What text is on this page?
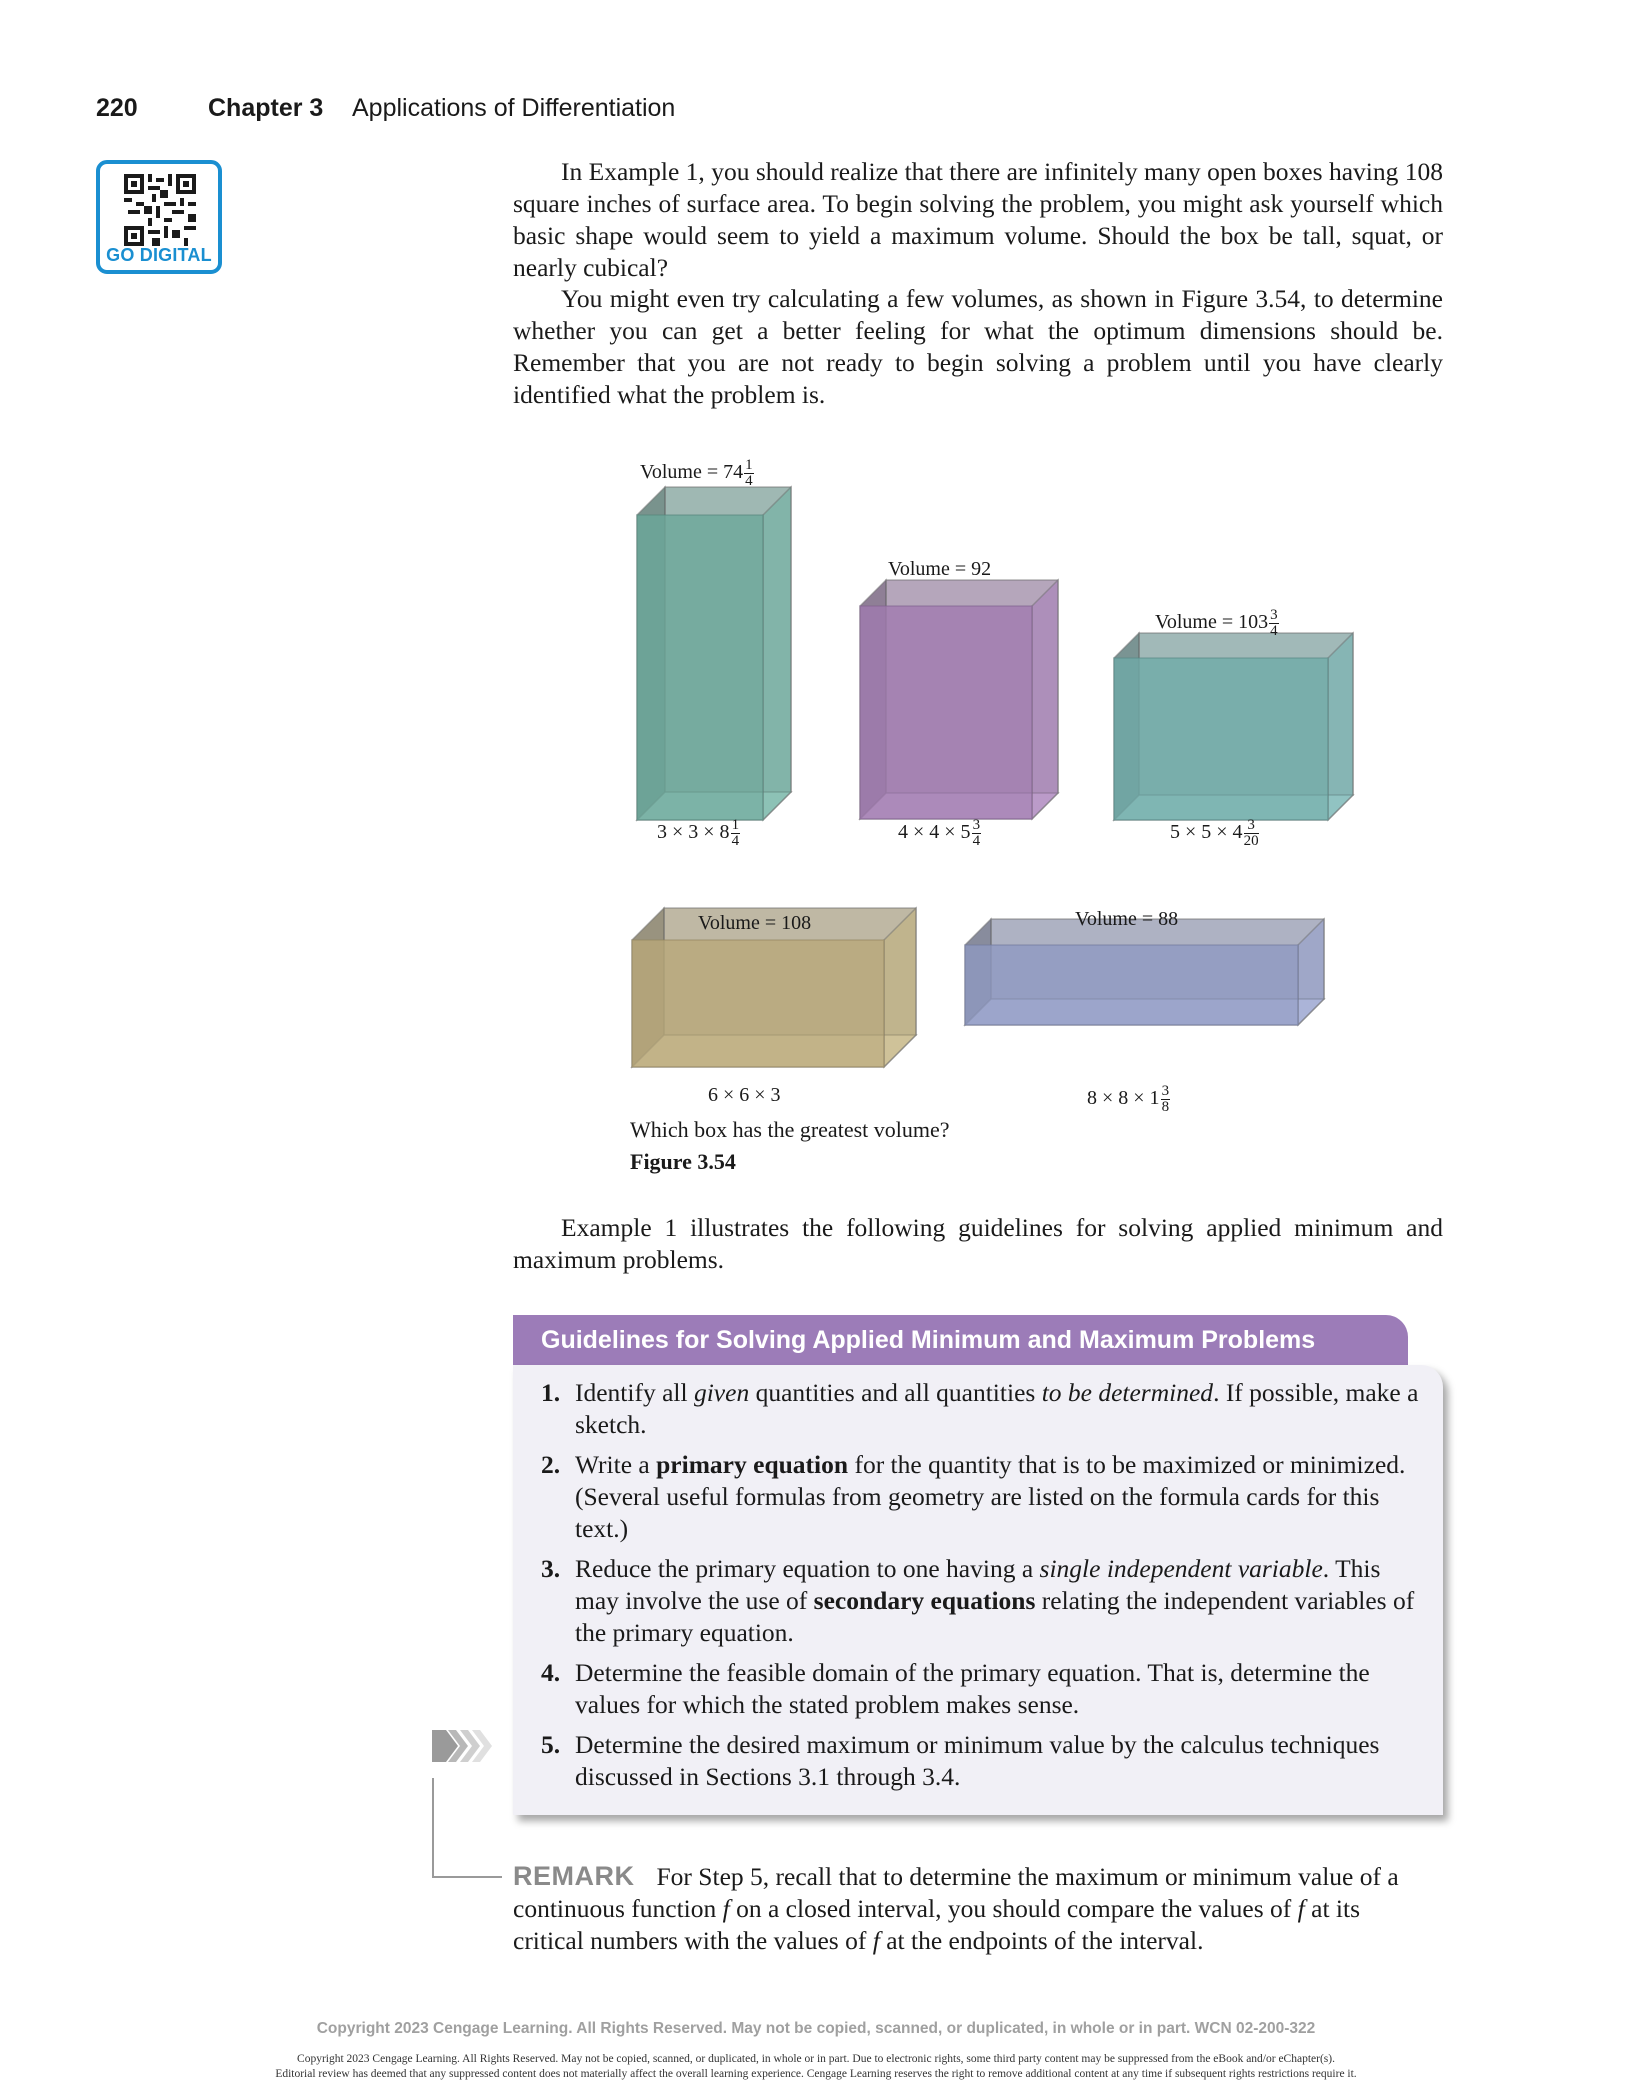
220	Chapter 3 Applications of Differentiation
GO DIGITAL
In Example 1, you should realize that there are infinitely many open boxes having 108 square inches of surface area. To begin solving the problem, you might ask yourself which basic shape would seem to yield a maximum volume. Should the box be tall, squat, or nearly cubical?
You might even try calculating a few volumes, as shown in Figure 3.54, to determine whether you can get a better feeling for what the optimum dimensions should be. Remember that you are not ready to begin solving a problem until you have clearly identified what the problem is.
Volume = $74 \frac{1}{4}$
$3 \times 3 \times 8 \frac{1}{4}$
Volume = 92
$4 \times 4 \times 5 \frac{3}{4}$
Volume = $103 \frac{3}{4}$
$5 \times 5 \times 4 \frac{3}{20}$
Volume = 108
6 × 6 × 3
Volume = 88
$8 \times 8 \times 1 \frac{3}{8}$
Which box has the greatest volume?
Figure 3.54
Example 1 illustrates the following guidelines for solving applied minimum and maximum problems.
Guidelines for Solving Applied Minimum and Maximum Problems
1. Identify all given quantities and all quantities to be determined. If possible, make a sketch.
2. Write a primary equation for the quantity that is to be maximized or minimized. (Several useful formulas from geometry are listed on the formula cards for this text.)
3. Reduce the primary equation to one having a single independent variable. This may involve the use of secondary equations relating the independent variables of the primary equation.
4. Determine the feasible domain of the primary equation. That is, determine the values for which the stated problem makes sense.
5. Determine the desired maximum or minimum value by the calculus techniques discussed in Sections 3.1 through 3.4.
REMARK For Step 5, recall that to determine the maximum or minimum value of a continuous function f on a closed interval, you should compare the values of f at its critical numbers with the values of f at the endpoints of the interval.
Copyright 2023 Cengage Learning. All Rights Reserved. May not be copied, scanned, or duplicated, in whole or in part. WCN 02-200-322
Copyright 2023 Cengage Learning. All Rights Reserved. May not be copied, scanned, or duplicated, in whole or in part. Due to electronic rights, some third party content may be suppressed from the eBook and/or eChapter(s).
Editorial review has deemed that any suppressed content does not materially affect the overall learning experience. Cengage Learning reserves the right to remove additional content at any time if subsequent rights restrictions require it.
